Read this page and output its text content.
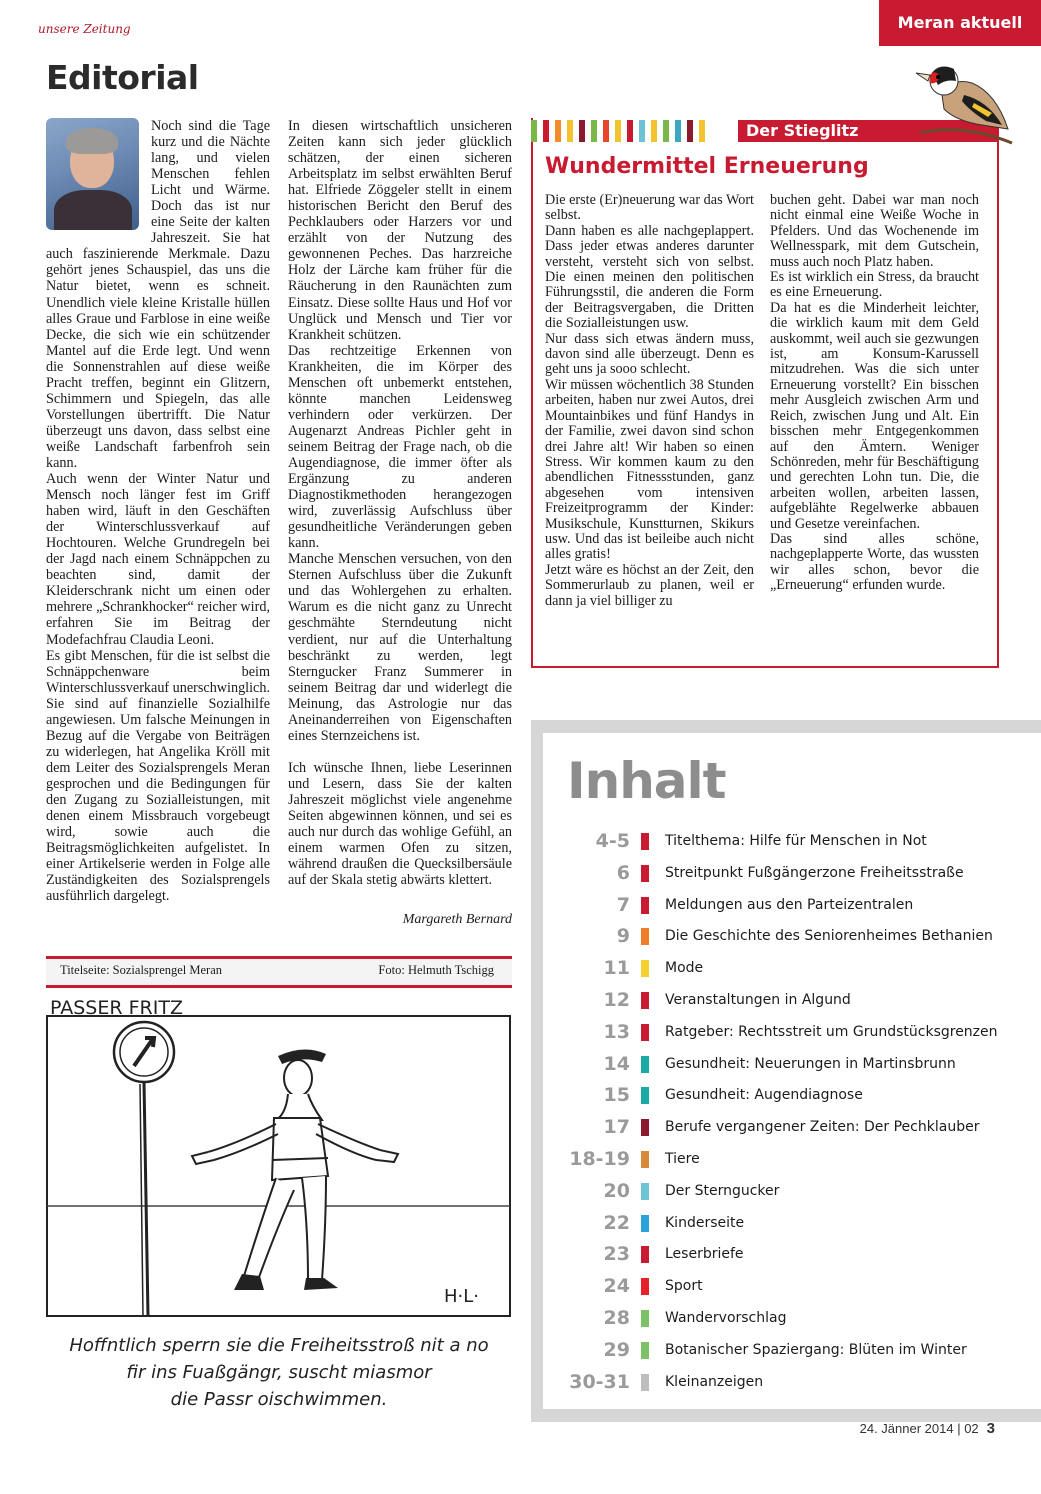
unsere Zeitung	Meran aktuell
Editorial

Noch sind die Tage kurz und die Nächte lang, und vielen Menschen fehlen Licht und Wärme. Doch das ist nur eine Seite der kalten Jahreszeit. Sie hat auch faszinierende Merkmale. Dazu gehört jenes Schauspiel, das uns die Natur bietet, wenn es schneit. Unendlich viele kleine Kristalle hüllen alles Graue und Farblose in eine weiße Decke, die sich wie ein schützender Mantel auf die Erde legt. Und wenn die Sonnenstrahlen auf diese weiße Pracht treffen, beginnt ein Glitzern, Schimmern und Spiegeln, das alle Vorstellungen übertrifft. Die Natur überzeugt uns davon, dass selbst eine weiße Landschaft farbenfroh sein kann.

Auch wenn der Winter Natur und Mensch noch länger fest im Griff haben wird, läuft in den Geschäften der Winterschlussverkauf auf Hochtouren. Welche Grundregeln bei der Jagd nach einem Schnäppchen zu beachten sind, damit der Kleiderschrank nicht um einen oder mehrere „Schrankhocker“ reicher wird, erfahren Sie im Beitrag der Modefachfrau Claudia Leoni.

Es gibt Menschen, für die ist selbst die Schnäppchenware beim Winterschlussverkauf unerschwinglich. Sie sind auf finanzielle Sozialhilfe angewiesen. Um falsche Meinungen in Bezug auf die Vergabe von Beiträgen zu widerlegen, hat Angelika Kröll mit dem Leiter des Sozialsprengels Meran gesprochen und die Bedingungen für den Zugang zu Sozialleistungen, mit denen einem Missbrauch vorgebeugt wird, sowie auch die Beitragsmöglichkeiten aufgelistet. In einer Artikelserie werden in Folge alle Zuständigkeiten des Sozialsprengels ausführlich dargelegt.

In diesen wirtschaftlich unsicheren Zeiten kann sich jeder glücklich schätzen, der einen sicheren Arbeitsplatz im selbst erwählten Beruf hat. Elfriede Zöggeler stellt in einem historischen Bericht den Beruf des Pechklaubers oder Harzers vor und erzählt von der Nutzung des gewonnenen Peches. Das harzreiche Holz der Lärche kam früher für die Räucherung in den Raunächten zum Einsatz. Diese sollte Haus und Hof vor Unglück und Mensch und Tier vor Krankheit schützen.

Das rechtzeitige Erkennen von Krankheiten, die im Körper des Menschen oft unbemerkt entstehen, könnte manchen Leidensweg verhindern oder verkürzen. Der Augenarzt Andreas Pichler geht in seinem Beitrag der Frage nach, ob die Augendiagnose, die immer öfter als Ergänzung zu anderen Diagnostikmethoden herangezogen wird, zuverlässig Aufschluss über gesundheitliche Veränderungen geben kann.

Manche Menschen versuchen, von den Sternen Aufschluss über die Zukunft und das Wohlergehen zu erhalten. Warum es die nicht ganz zu Unrecht geschmähte Sterndeutung nicht verdient, nur auf die Unterhaltung beschränkt zu werden, legt Sterngucker Franz Summerer in seinem Beitrag dar und widerlegt die Meinung, das Astrologie nur das Aneinanderreihen von Eigenschaften eines Sternzeichens ist.

Ich wünsche Ihnen, liebe Leserinnen und Lesern, dass Sie der kalten Jahreszeit möglichst viele angenehme Seiten abgewinnen können, und sei es auch nur durch das wohlige Gefühl, an einem warmen Ofen zu sitzen, während draußen die Quecksilbersäule auf der Skala stetig abwärts klettert.

Margareth Bernard
Titelseite: Sozialsprengel Meran	Foto: Helmuth Tschigg
PASSER FRITZ
H·L·
Hoffntlich sperrn sie die Freiheitsstroß nit a no
fir ins Fuaßgängr, suscht miasmor
die Passr oischwimmen.
Der Stieglitz
Wundermittel Erneuerung

Die erste (Er)neuerung war das Wort selbst.

Dann haben es alle nachgeplappert. Dass jeder etwas anderes darunter versteht, versteht sich von selbst. Die einen meinen den politischen Führungsstil, die anderen die Form der Beitragsvergaben, die Dritten die Sozialleistungen usw.

Nur dass sich etwas ändern muss, davon sind alle überzeugt. Denn es geht uns ja sooo schlecht.

Wir müssen wöchentlich 38 Stunden arbeiten, haben nur zwei Autos, drei Mountainbikes und fünf Handys in der Familie, zwei davon sind schon drei Jahre alt! Wir haben so einen Stress. Wir kommen kaum zu den abendlichen Fitnessstunden, ganz abgesehen vom intensiven Freizeitprogramm der Kinder: Musikschule, Kunstturnen, Skikurs usw. Und das ist beileibe auch nicht alles gratis!

Jetzt wäre es höchst an der Zeit, den Sommerurlaub zu planen, weil er dann ja viel billiger zu

buchen geht. Dabei war man noch nicht einmal eine Weiße Woche in Pfelders. Und das Wochenende im Wellnesspark, mit dem Gutschein, muss auch noch Platz haben.

Es ist wirklich ein Stress, da braucht es eine Erneuerung.

Da hat es die Minderheit leichter, die wirklich kaum mit dem Geld auskommt, weil auch sie gezwungen ist, am Konsum-Karussell mitzudrehen. Was die sich unter Erneuerung vorstellt? Ein bisschen mehr Ausgleich zwischen Arm und Reich, zwischen Jung und Alt. Ein bisschen mehr Entgegenkommen auf den Ämtern. Weniger Schönreden, mehr für Beschäftigung und gerechten Lohn tun. Die, die arbeiten wollen, arbeiten lassen, aufgeblähte Regelwerke abbauen und Gesetze vereinfachen.

Das sind alles schöne, nachgeplapperte Worte, das wussten wir alles schon, bevor die „Erneuerung“ erfunden wurde.

Inhalt
4-5	Titelthema: Hilfe für Menschen in Not
6	Streitpunkt Fußgängerzone Freiheitsstraße
7	Meldungen aus den Parteizentralen
9	Die Geschichte des Seniorenheimes Bethanien
11	Mode
12	Veranstaltungen in Algund
13	Ratgeber: Rechtsstreit um Grundstücksgrenzen
14	Gesundheit: Neuerungen in Martinsbrunn
15	Gesundheit: Augendiagnose
17	Berufe vergangener Zeiten: Der Pechklauber
18-19	Tiere
20	Der Sterngucker
22	Kinderseite
23	Leserbriefe
24	Sport
28	Wandervorschlag
29	Botanischer Spaziergang: Blüten im Winter
30-31	Kleinanzeigen
24. Jänner 2014 | 02 3
